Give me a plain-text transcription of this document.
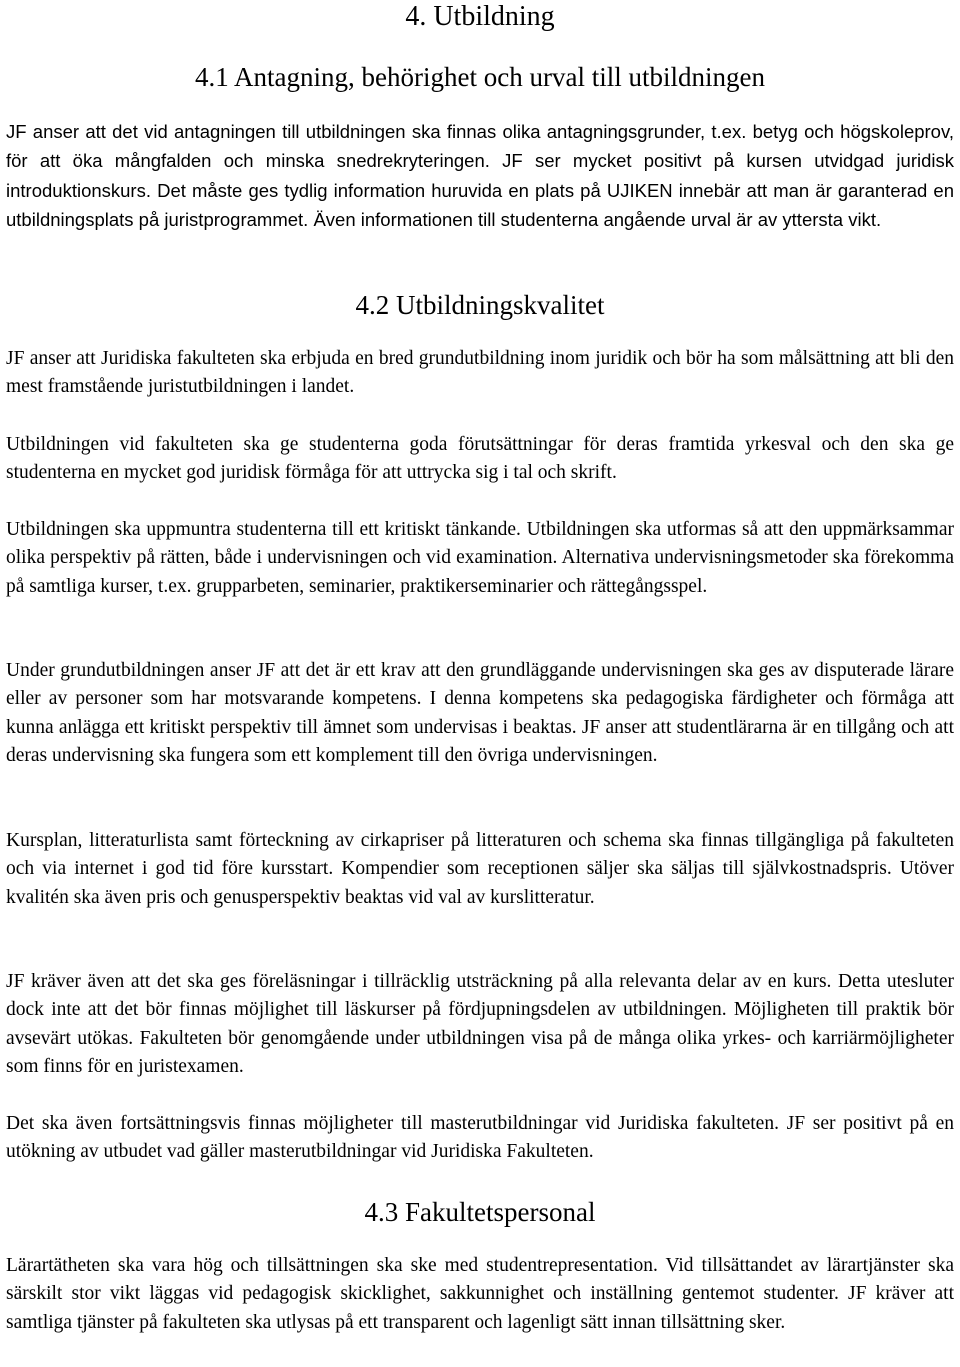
4. Utbildning
4.1 Antagning, behörighet och urval till utbildningen

JF anser att det vid antagningen till utbildningen ska finnas olika antagningsgrunder, t.ex. betyg och högskoleprov, för att öka mångfalden och minska snedrekryteringen. JF ser mycket positivt på kursen utvidgad juridisk introduktionskurs. Det måste ges tydlig information huruvida en plats på UJIKEN innebär att man är garanterad en utbildningsplats på juristprogrammet. Även informationen till studenterna angående urval är av yttersta vikt.

4.2 Utbildningskvalitet

JF anser att Juridiska fakulteten ska erbjuda en bred grundutbildning inom juridik och bör ha som målsättning att bli den mest framstående juristutbildningen i landet.

Utbildningen vid fakulteten ska ge studenterna goda förutsättningar för deras framtida yrkesval och den ska ge studenterna en mycket god juridisk förmåga för att uttrycka sig i tal och skrift.

Utbildningen ska uppmuntra studenterna till ett kritiskt tänkande. Utbildningen ska utformas så att den uppmärksammar olika perspektiv på rätten, både i undervisningen och vid examination. Alternativa undervisningsmetoder ska förekomma på samtliga kurser, t.ex. grupparbeten, seminarier, praktikerseminarier och rättegångsspel.

Under grundutbildningen anser JF att det är ett krav att den grundläggande undervisningen ska ges av disputerade lärare eller av personer som har motsvarande kompetens. I denna kompetens ska pedagogiska färdigheter och förmåga att kunna anlägga ett kritiskt perspektiv till ämnet som undervisas i beaktas. JF anser att studentlärarna är en tillgång och att deras undervisning ska fungera som ett komplement till den övriga undervisningen.

Kursplan, litteraturlista samt förteckning av cirkapriser på litteraturen och schema ska finnas tillgängliga på fakulteten och via internet i god tid före kursstart. Kompendier som receptionen säljer ska säljas till självkostnadspris. Utöver kvalitén ska även pris och genusperspektiv beaktas vid val av kurslitteratur.

JF kräver även att det ska ges föreläsningar i tillräcklig utsträckning på alla relevanta delar av en kurs. Detta utesluter dock inte att det bör finnas möjlighet till läskurser på fördjupningsdelen av utbildningen. Möjligheten till praktik bör avsevärt utökas. Fakulteten bör genomgående under utbildningen visa på de många olika yrkes- och karriärmöjligheter som finns för en juristexamen.

Det ska även fortsättningsvis finnas möjligheter till masterutbildningar vid Juridiska fakulteten. JF ser positivt på en utökning av utbudet vad gäller masterutbildningar vid Juridiska Fakulteten.

4.3 Fakultetspersonal

Lärartätheten ska vara hög och tillsättningen ska ske med studentrepresentation. Vid tillsättandet av lärartjänster ska särskilt stor vikt läggas vid pedagogisk skicklighet, sakkunnighet och inställning gentemot studenter. JF kräver att samtliga tjänster på fakulteten ska utlysas på ett transparent och lagenligt sätt innan tillsättning sker.
